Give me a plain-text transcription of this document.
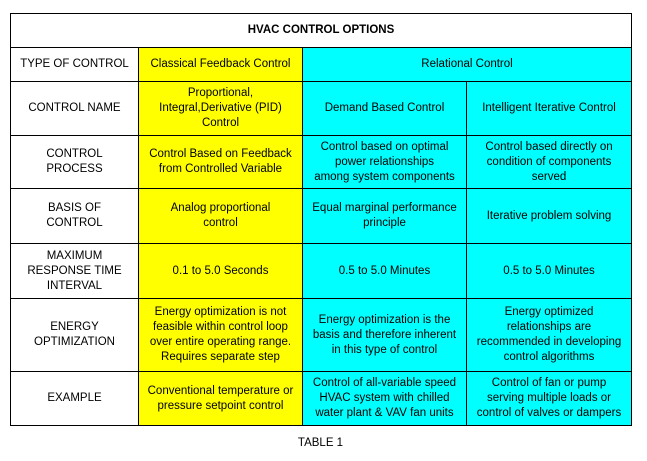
HVAC CONTROL OPTIONS			
TYPE OF CONTROL	Classical Feedback Control	Relational Control	

CONTROL NAME	Proportional,
Integral,Derivative (PID)
Control	Demand Based Control	Intelligent Iterative Control

CONTROL
PROCESS	Control Based on Feedback
from Controlled Variable	Control based on optimal
power relationships
among system components	Control based directly on
condition of components
served

BASIS OF
CONTROL	Analog proportional
control	Equal marginal performance
principle	Iterative problem solving

MAXIMUM
RESPONSE TIME
INTERVAL	0.1 to 5.0 Seconds	0.5 to 5.0 Minutes	0.5 to 5.0 Minutes

ENERGY
OPTIMIZATION	Energy optimization is not
feasible within control loop
over entire operating range.
Requires separate step	Energy optimization is the
basis and therefore inherent
in this type of control	Energy optimized
relationships are
recommended in developing
control algorithms

EXAMPLE	Conventional temperature or
pressure setpoint control	Control of all-variable speed
HVAC system with chilled
water plant & VAV fan units	Control of fan or pump
serving multiple loads or
control of valves or dampers
TABLE 1
